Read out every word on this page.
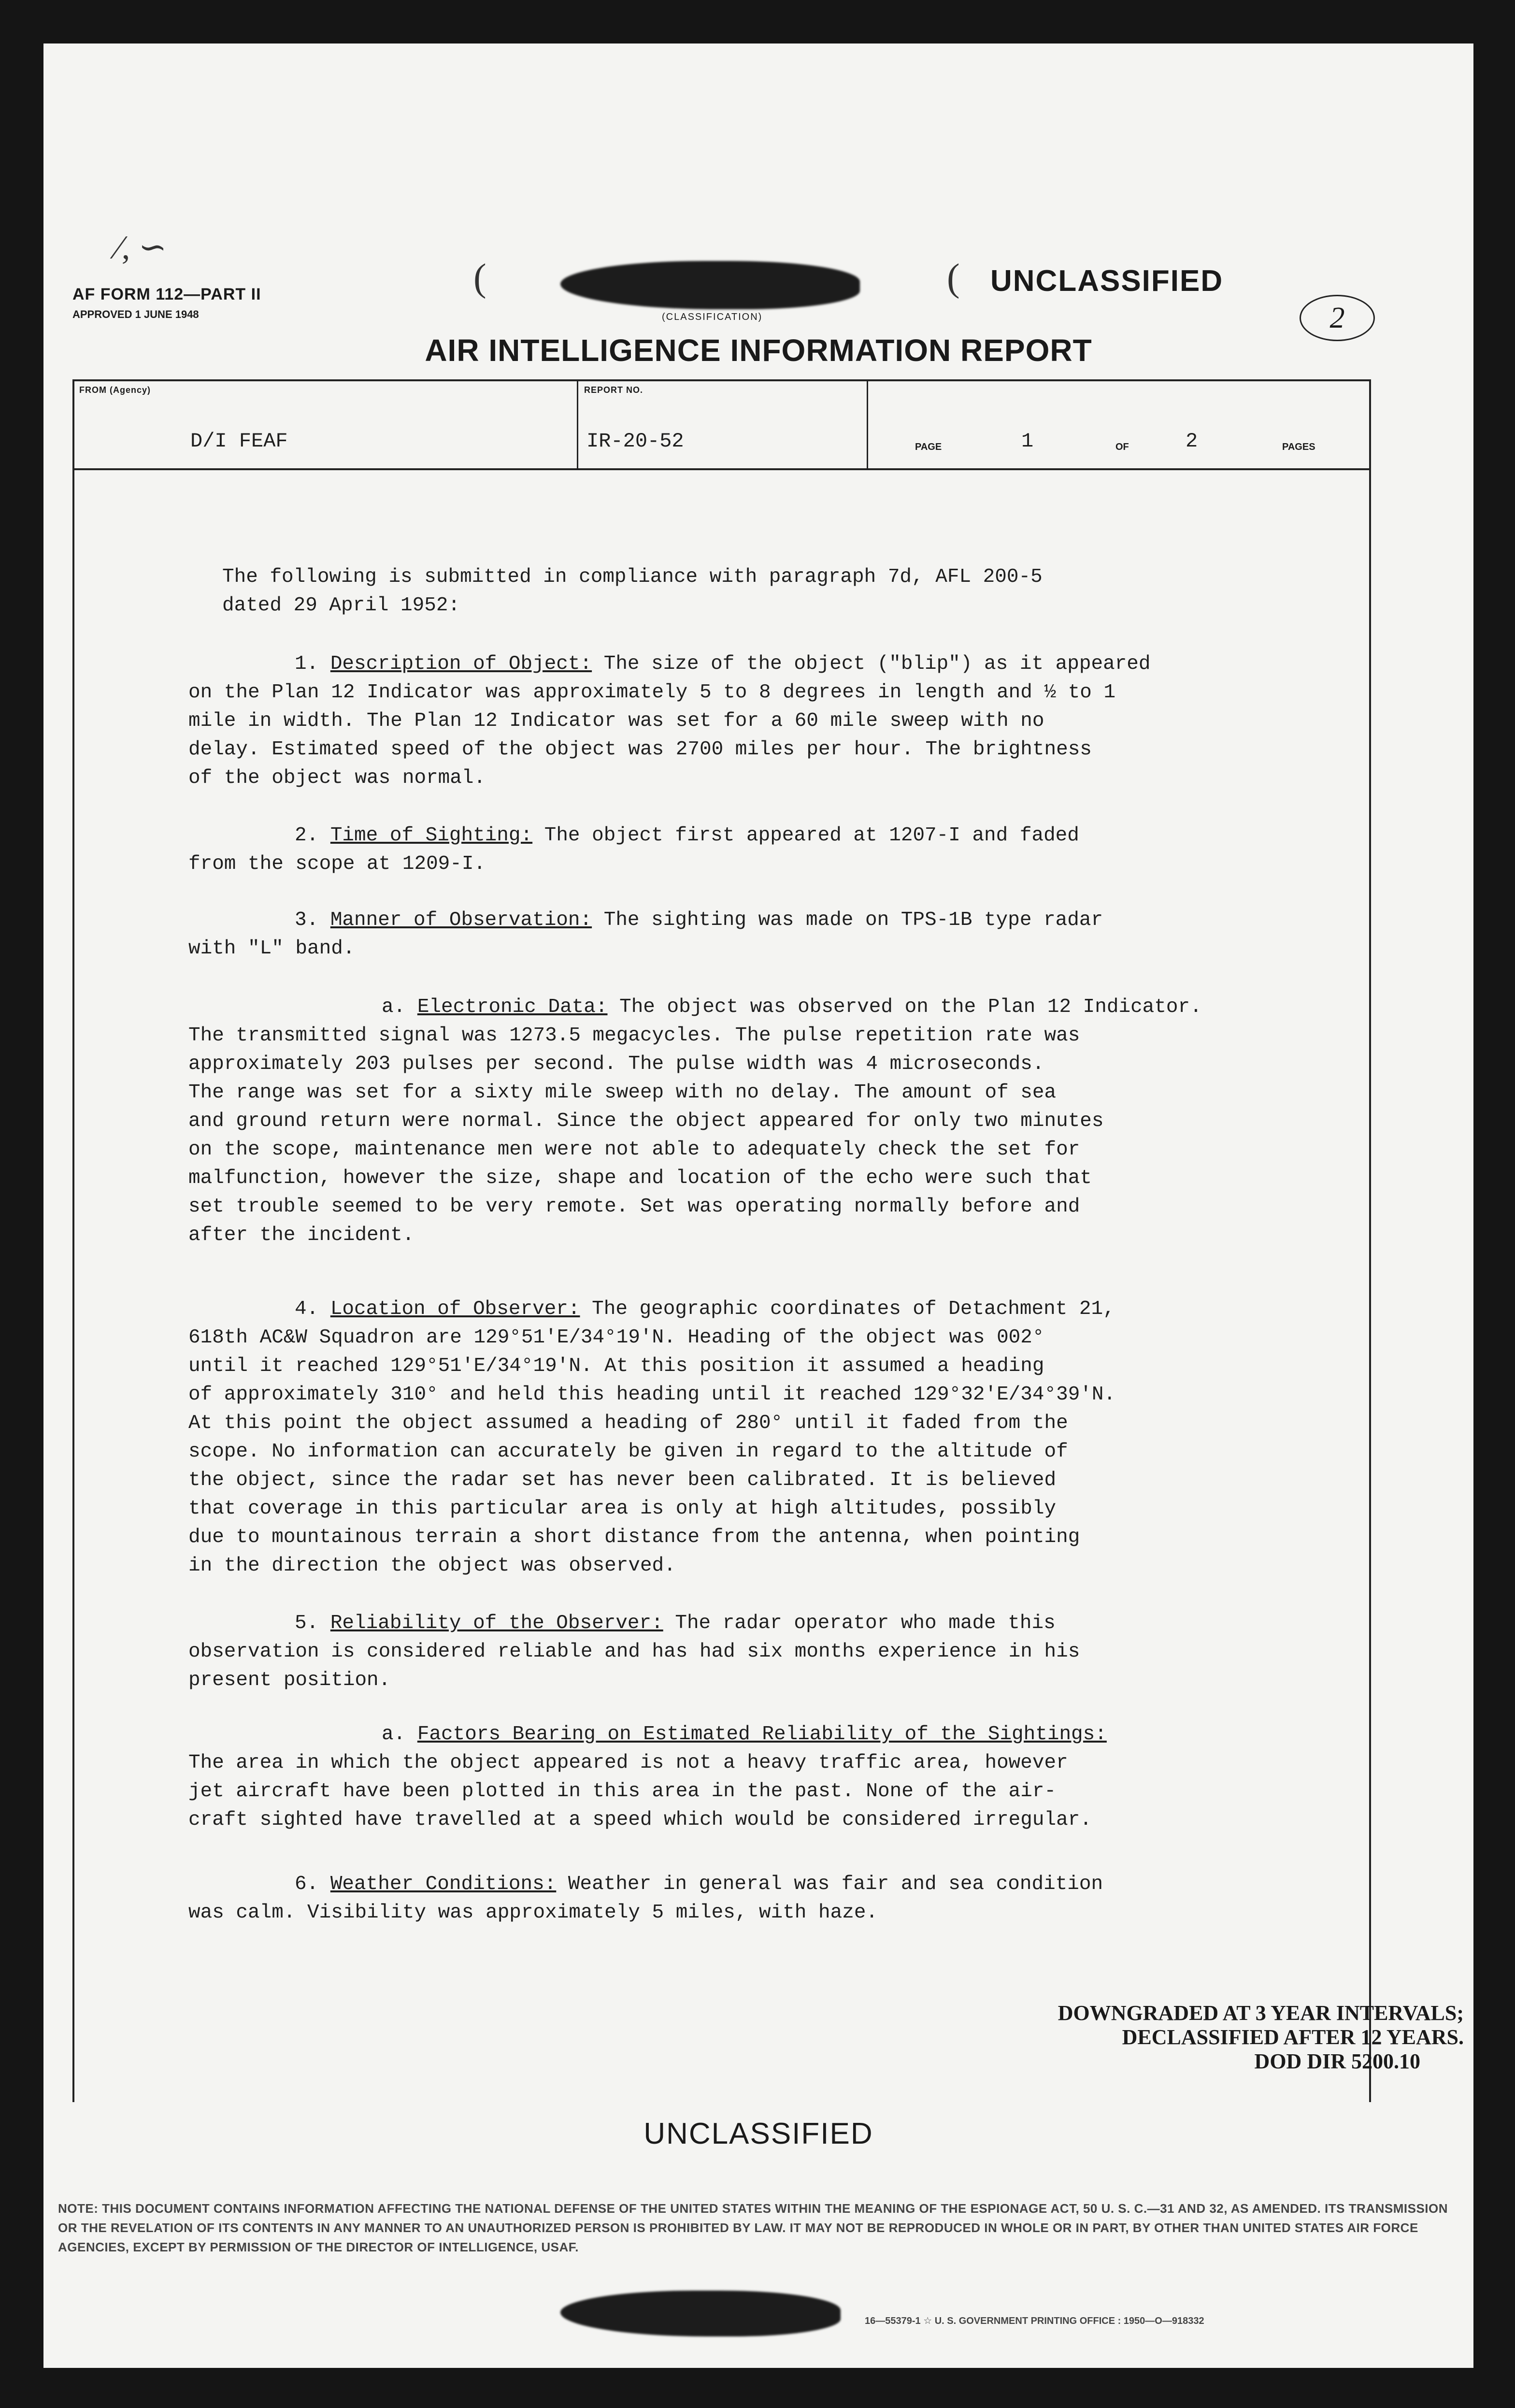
⁄, ∽
AF FORM 112—PART II
APPROVED 1 JUNE 1948
(
(CLASSIFICATION)
( UNCLASSIFIED
2
AIR INTELLIGENCE INFORMATION REPORT
FROM (Agency)
D/I FEAF
REPORT NO.
IR-20-52	PAGE	1	OF	2	PAGES
The following is submitted in compliance with paragraph 7d, AFL 200-5
dated 29 April 1952:
1. Description of Object: The size of the object ("blip") as it appeared
on the Plan 12 Indicator was approximately 5 to 8 degrees in length and ½ to 1
mile in width. The Plan 12 Indicator was set for a 60 mile sweep with no
delay. Estimated speed of the object was 2700 miles per hour. The brightness
of the object was normal.
2. Time of Sighting: The object first appeared at 1207-I and faded
from the scope at 1209-I.
3. Manner of Observation: The sighting was made on TPS-1B type radar
with "L" band.
a. Electronic Data: The object was observed on the Plan 12 Indicator.
The transmitted signal was 1273.5 megacycles. The pulse repetition rate was
approximately 203 pulses per second. The pulse width was 4 microseconds.
The range was set for a sixty mile sweep with no delay. The amount of sea
and ground return were normal. Since the object appeared for only two minutes
on the scope, maintenance men were not able to adequately check the set for
malfunction, however the size, shape and location of the echo were such that
set trouble seemed to be very remote. Set was operating normally before and
after the incident.
4. Location of Observer: The geographic coordinates of Detachment 21,
618th AC&W Squadron are 129°51'E/34°19'N. Heading of the object was 002°
until it reached 129°51'E/34°19'N. At this position it assumed a heading
of approximately 310° and held this heading until it reached 129°32'E/34°39'N.
At this point the object assumed a heading of 280° until it faded from the
scope. No information can accurately be given in regard to the altitude of
the object, since the radar set has never been calibrated. It is believed
that coverage in this particular area is only at high altitudes, possibly
due to mountainous terrain a short distance from the antenna, when pointing
in the direction the object was observed.
5. Reliability of the Observer: The radar operator who made this
observation is considered reliable and has had six months experience in his
present position.
a. Factors Bearing on Estimated Reliability of the Sightings:
The area in which the object appeared is not a heavy traffic area, however
jet aircraft have been plotted in this area in the past. None of the air-
craft sighted have travelled at a speed which would be considered irregular.
6. Weather Conditions: Weather in general was fair and sea condition
was calm. Visibility was approximately 5 miles, with haze.
DOWNGRADED AT 3 YEAR INTERVALS;
DECLASSIFIED AFTER 12 YEARS.
DOD DIR 5200.10
UNCLASSIFIED
NOTE: THIS DOCUMENT CONTAINS INFORMATION AFFECTING THE NATIONAL DEFENSE OF THE UNITED STATES WITHIN THE MEANING OF THE ESPIONAGE ACT, 50 U. S. C.—31 AND 32, AS AMENDED. ITS TRANSMISSION OR THE REVELATION OF ITS CONTENTS IN ANY MANNER TO AN UNAUTHORIZED PERSON IS PROHIBITED BY LAW. IT MAY NOT BE REPRODUCED IN WHOLE OR IN PART, BY OTHER THAN UNITED STATES AIR FORCE AGENCIES, EXCEPT BY PERMISSION OF THE DIRECTOR OF INTELLIGENCE, USAF.
16—55379-1 ☆ U. S. GOVERNMENT PRINTING OFFICE : 1950—O—918332
